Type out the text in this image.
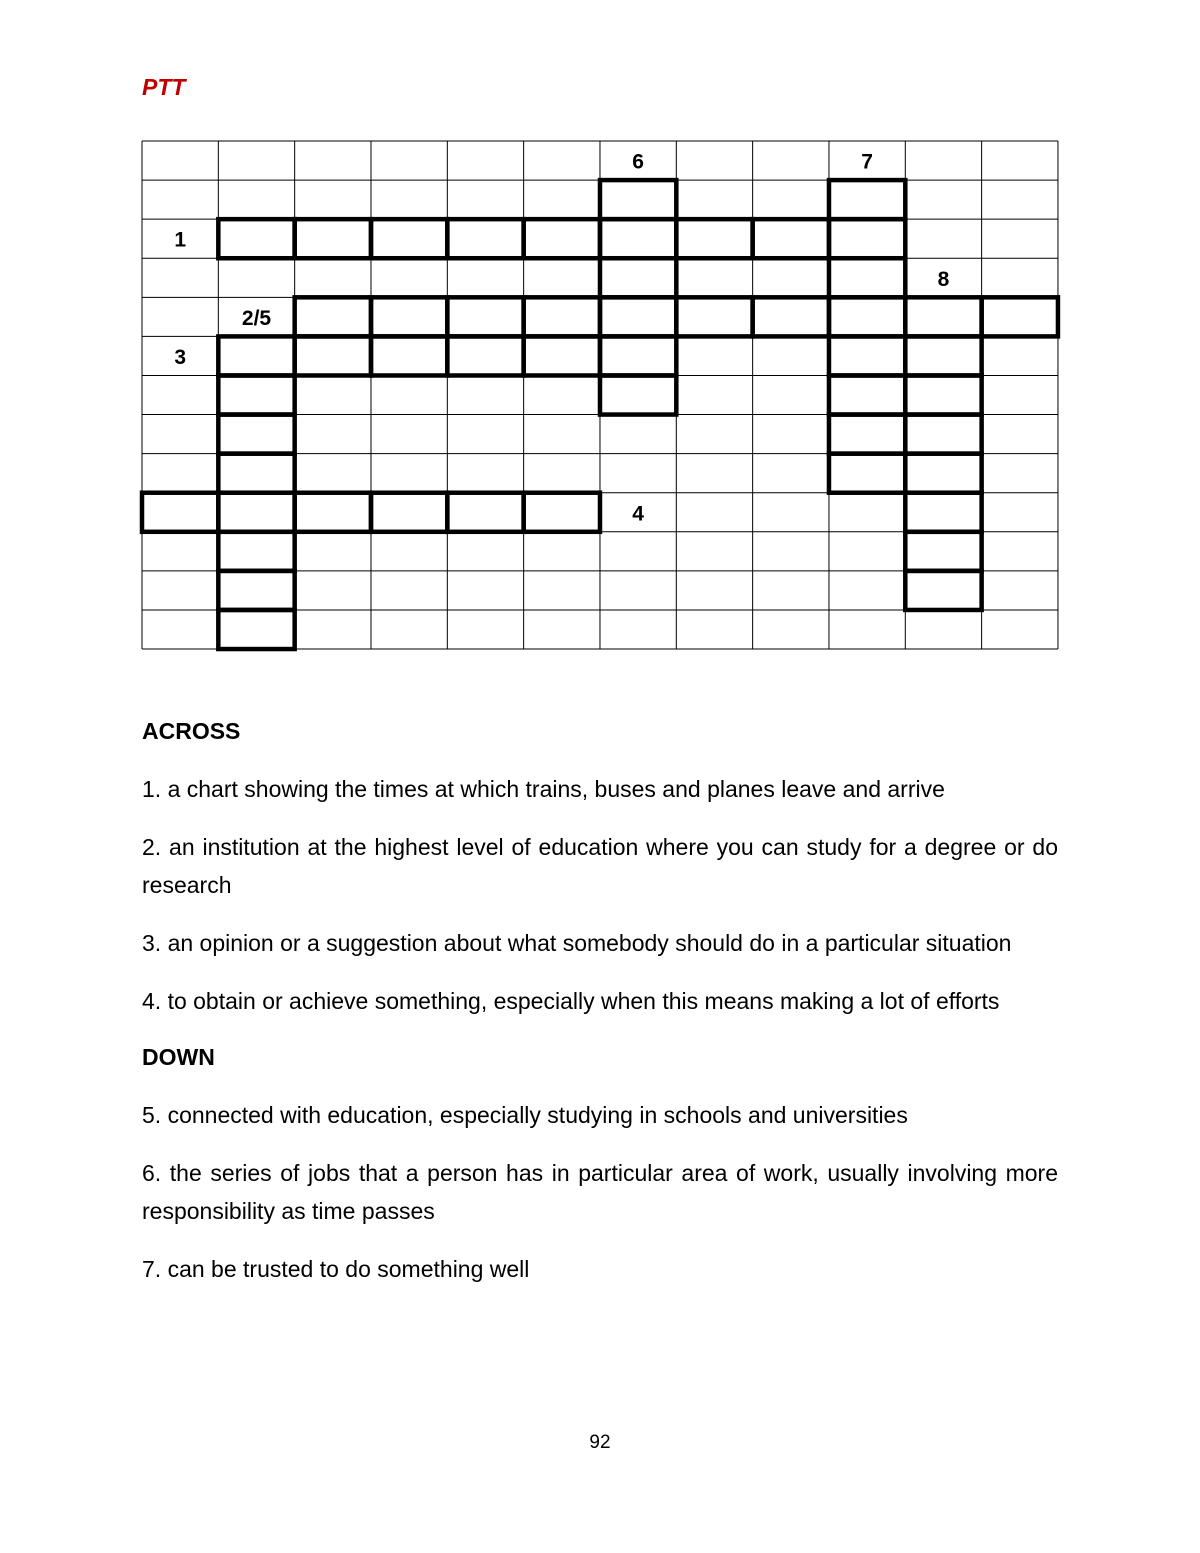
PTT
6	7
1
8
2/5
3
4
ACROSS

1. a chart showing the times at which trains, buses and planes leave and arrive

2. an institution at the highest level of education where you can study for a degree or do research

3. an opinion or a suggestion about what somebody should do in a particular situation

4. to obtain or achieve something, especially when this means making a lot of efforts

DOWN

5. connected with education, especially studying in schools and universities

6. the series of jobs that a person has in particular area of work, usually involving more responsibility as time passes

7. can be trusted to do something well

92
